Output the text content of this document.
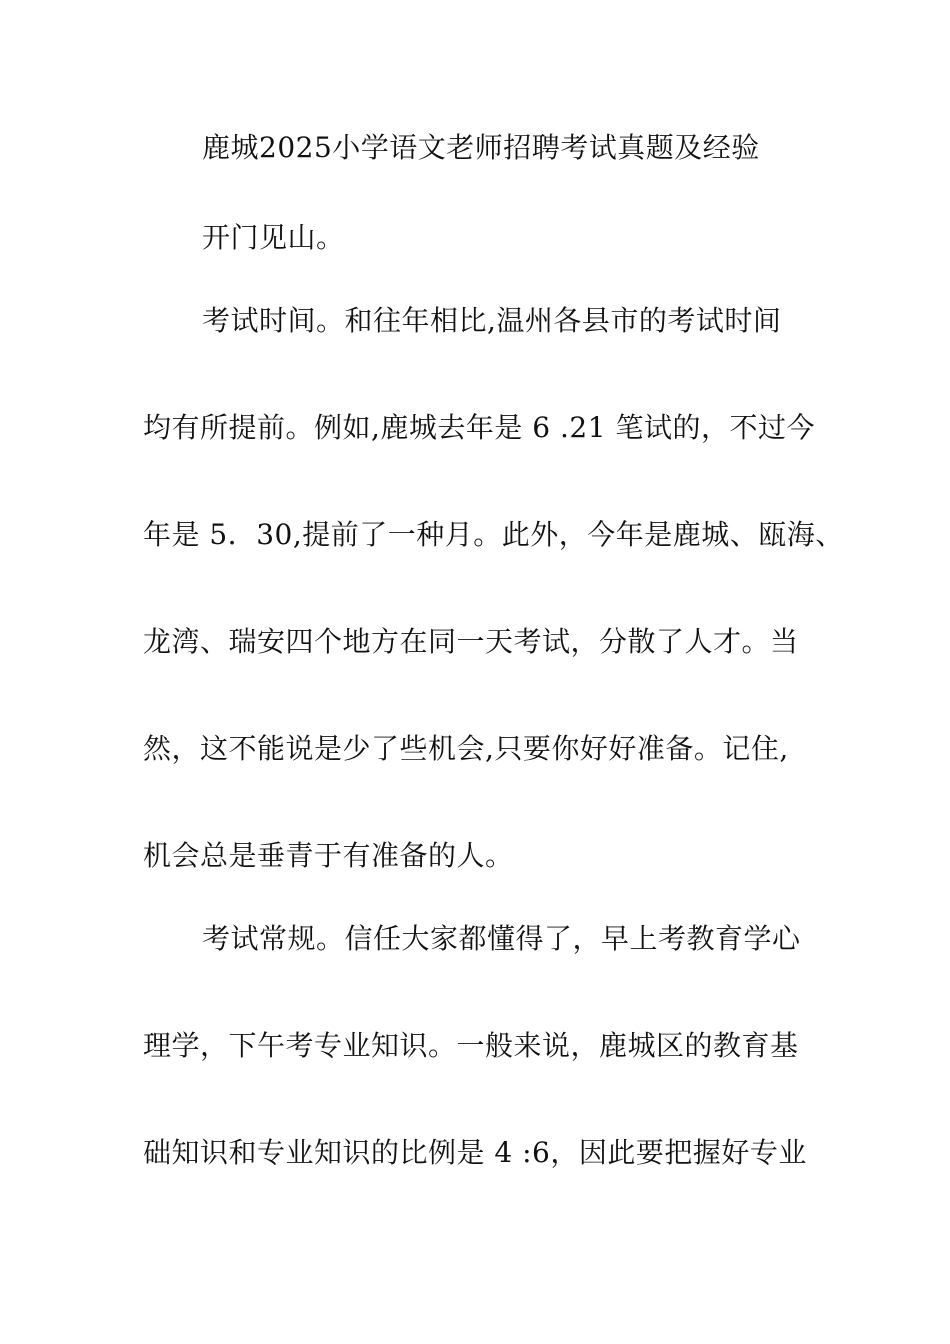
鹿城2025小学语文老师招聘考试真题及经验
开门见山。
考试时间。和往年相比,温州各县市的考试时间
均有所提前。例如,鹿城去年是 6 .21 笔试的，不过今
年是 5．30,提前了一种月。此外，今年是鹿城、瓯海、
龙湾、瑞安四个地方在同一天考试，分散了人才。当
然，这不能说是少了些机会,只要你好好准备。记住,
机会总是垂青于有准备的人。
考试常规。信任大家都懂得了，早上考教育学心
理学，下午考专业知识。一般来说，鹿城区的教育基
础知识和专业知识的比例是 4 :6，因此要把握好专业
